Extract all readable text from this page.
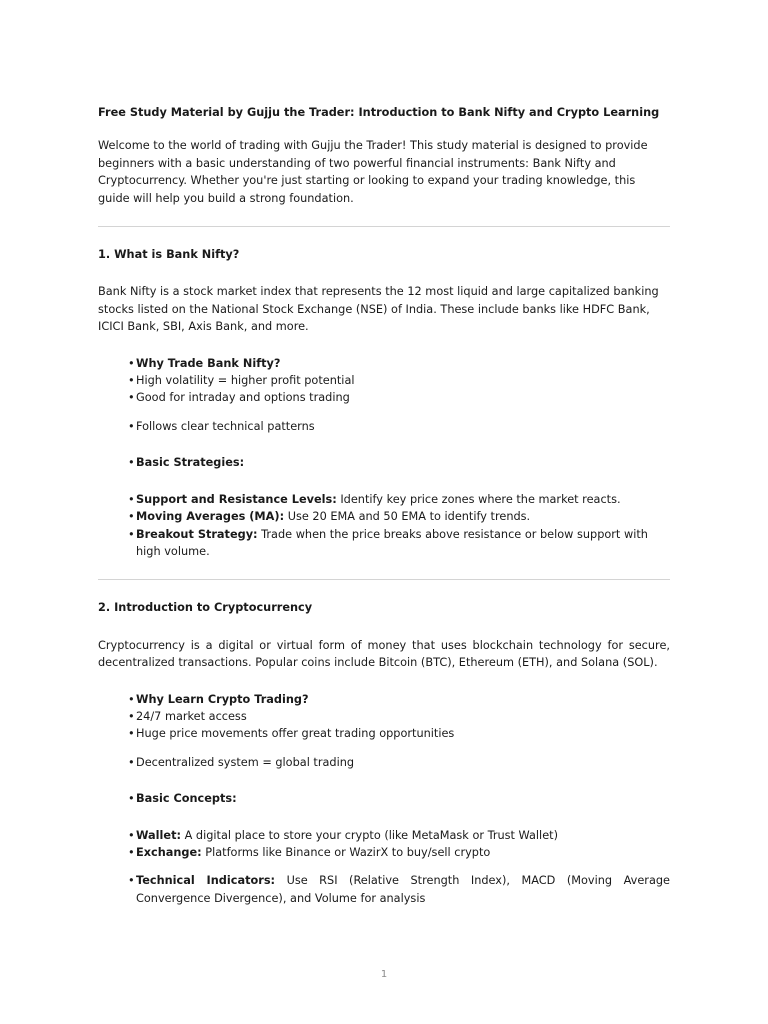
Free Study Material by Gujju the Trader: Introduction to Bank Nifty and Crypto Learning

Welcome to the world of trading with Gujju the Trader! This study material is designed to provide beginners with a basic understanding of two powerful financial instruments: Bank Nifty and Cryptocurrency. Whether you're just starting or looking to expand your trading knowledge, this guide will help you build a strong foundation.

1. What is Bank Nifty?

Bank Nifty is a stock market index that represents the 12 most liquid and large capitalized banking stocks listed on the National Stock Exchange (NSE) of India. These include banks like HDFC Bank, ICICI Bank, SBI, Axis Bank, and more.

• Why Trade Bank Nifty?
• High volatility = higher profit potential
• Good for intraday and options trading
• Follows clear technical patterns
• Basic Strategies:
• Support and Resistance Levels: Identify key price zones where the market reacts.
• Moving Averages (MA): Use 20 EMA and 50 EMA to identify trends.
• Breakout Strategy: Trade when the price breaks above resistance or below support with high volume.

2. Introduction to Cryptocurrency

Cryptocurrency is a digital or virtual form of money that uses blockchain technology for secure, decentralized transactions. Popular coins include Bitcoin (BTC), Ethereum (ETH), and Solana (SOL).

• Why Learn Crypto Trading?
• 24/7 market access
• Huge price movements offer great trading opportunities
• Decentralized system = global trading
• Basic Concepts:
• Wallet: A digital place to store your crypto (like MetaMask or Trust Wallet)
• Exchange: Platforms like Binance or WazirX to buy/sell crypto
• Technical Indicators: Use RSI (Relative Strength Index), MACD (Moving Average Convergence Divergence), and Volume for analysis
1
